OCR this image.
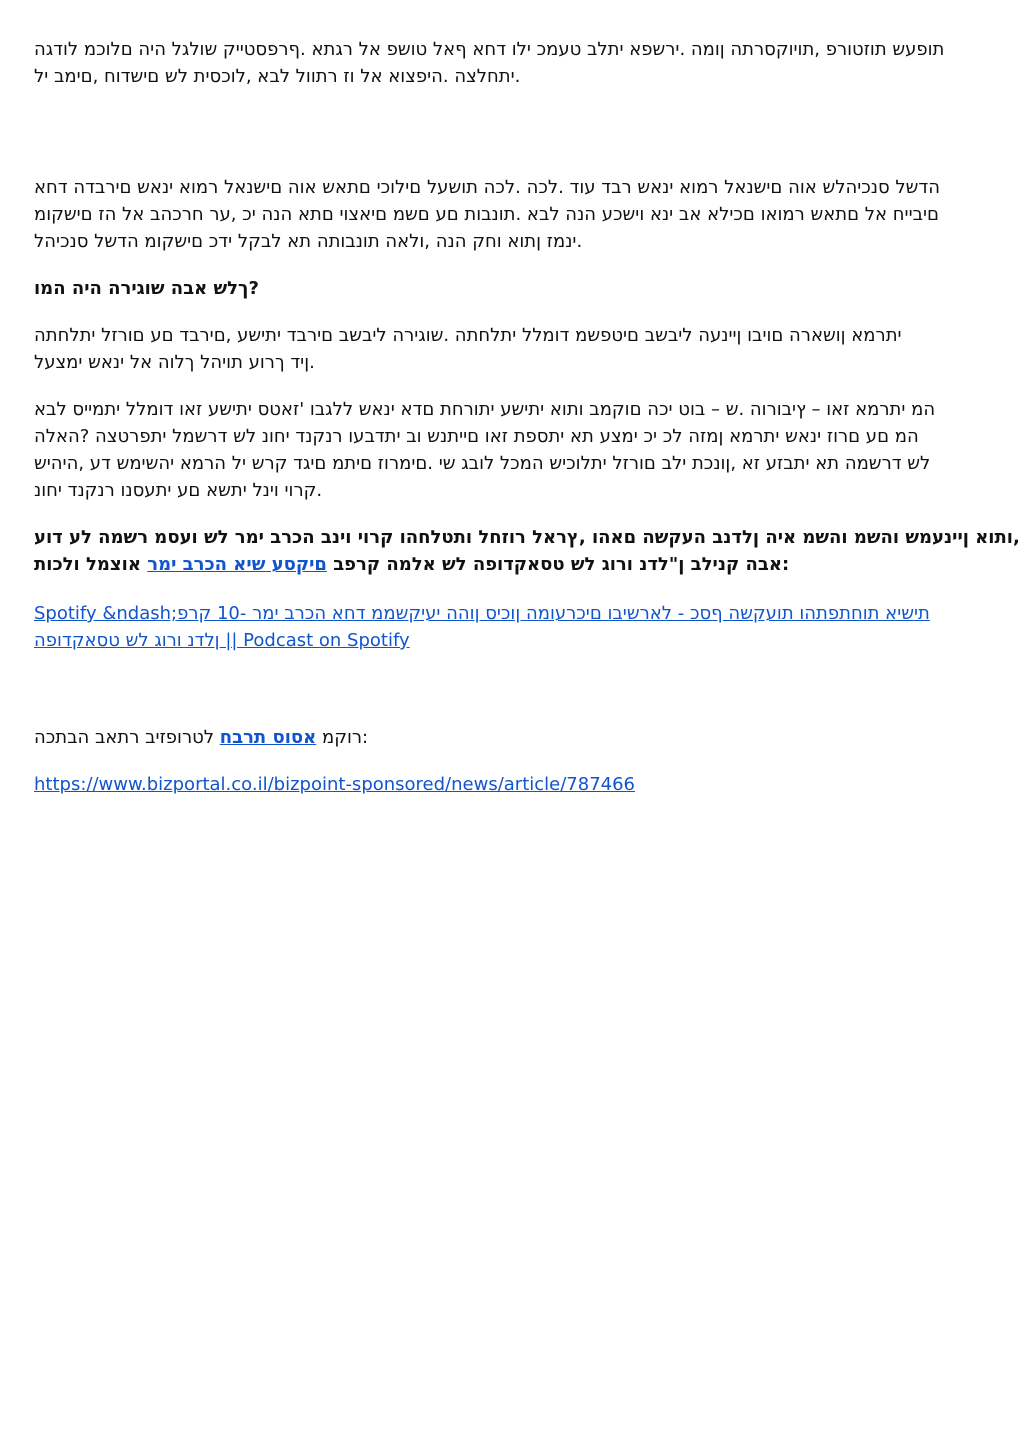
תופעש תוזטורפ ,תויוקסרתה ןומה .ירשפא יתלב טעמכ ילו דחא ףאל טושפ אל רגתא .ףרפסטייק שולגל היה םלוכמ לודגה
יתחלצה .היפצוא אל וז רתוול לבא ,לוכסית לש םישדוח ,םימב יל.
הדשל סנכיהלש אוה םישנאל רמוא ינאש רבד עוד .לכה .לכה תושעל םילוכי םתאש אוה םישנאל רמוא ינאש םירבדה דחא
םיבייח אל םתאש רמואו םכילא אב ינא וישכע הנה לבא .תונבות םע םשמ םיאצוי םתא הנה יכ ,ער חרכהב אל הז םישקומ
ינמז ןתוא וחק הנה ,ולאה תונבותה תא לבקל ידכ םישקומ הדשל סנכיהל.
ךלש אבה שוגירה היה המו?
יתרמא ןושארה םויבו ןיינעה ליבשב םיטפשמ דומלל יתלחתה .שוגירה ליבשב םירבד יתישע ,םירבד םע םורזל יתלחתה
ןיד ךרוע תויהל ךלוה אל ינאש ימצעל.
המ יתרמא זאו – ץיבורוה .ש – בוט יכה םוקמב ותוא יתישע יתורחת םדא ינאש ללגבו 'זאטס יתישע זאו דומלל יתמייס לבא
המ םע םרוז ינאש יתרמא ןמזה לכ יכ ימצע תא יתספת זאו םייתנש וב יתדבעו רנקנד יחונ לש דרשמל יתפרטצה ?האלה
לש דרשמה תא יתבזע זא ,ןונכת ילב םורזל יתלוכיש המכל לובג שי .םימרוז םיתמ םיגד קרש יל הרמא יהשימש דע ,היהיש
קרוי וינל יתשא םע יתעסנו רנקנד יחונ.
ותוא ןיינעמש והשמ והשמ איה ןלדנב העקשה םאהו ,ץראל רוזחל ותטלחהו קרוי וינב הכרב ימר לש ועסמ רשמה לע דוע,
אבה קנילב ן"לדנ ורוג לש טסאקדופה לש אלמה קרפב םיקסע שיא הכרב ימר אוצמל ולכות:
Spotify &ndash;תישיא תוחתפתהו תועקשה ףסכ - לארשיבו םיכרעומה ןוכיס ןוהה יעיקשממ דחא הכרב ימר -10 קרפ
ןלדנ ורוג לש טסאקדופה || Podcast on Spotify
רוקמ אסוס תרבח לטרופזיב רתאב הבתכה:
https://www.bizportal.co.il/bizpoint-sponsored/news/article/787466
